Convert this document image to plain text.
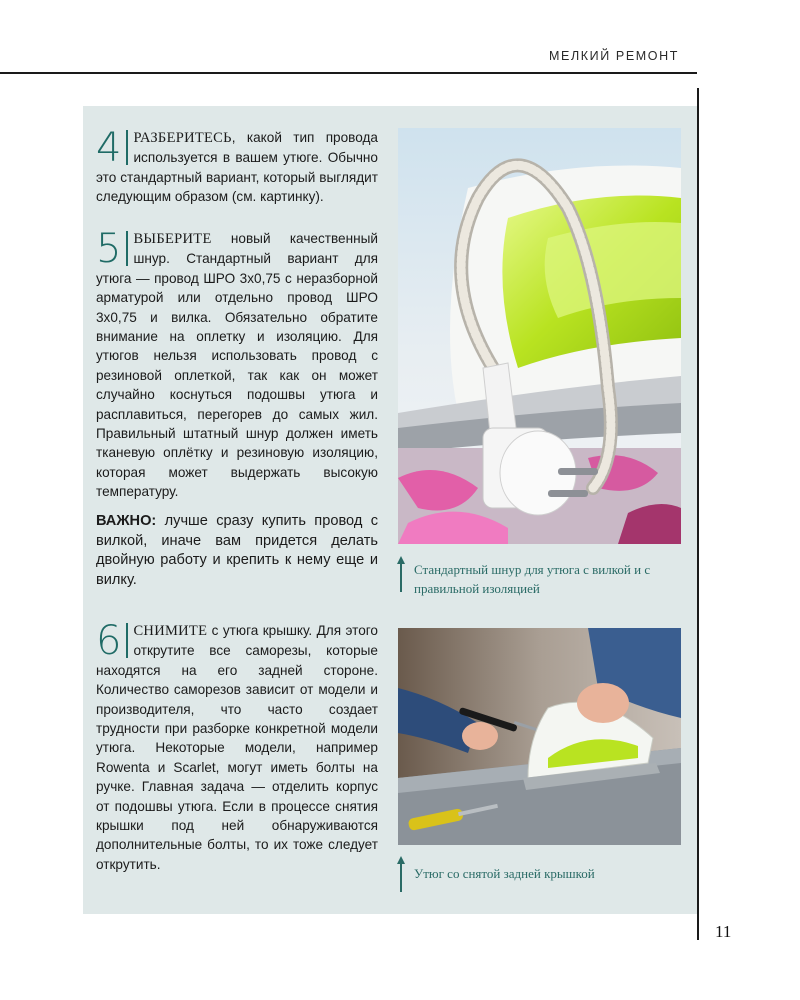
МЕЛКИЙ РЕМОНТ
4 РАЗБЕРИТЕСЬ, какой тип провода используется в вашем утюге. Обычно это стандартный вариант, который выглядит следующим образом (см. картинку).
5 ВЫБЕРИТЕ новый качественный шнур. Стандартный вариант для утюга — провод ШРО 3х0,75 с неразборной арматурой или отдельно провод ШРО 3х0,75 и вилка. Обязательно обратите внимание на оплетку и изоляцию. Для утюгов нельзя использовать провод с резиновой оплеткой, так как он может случайно коснуться подошвы утюга и расплавиться, перегорев до самых жил. Правильный штатный шнур должен иметь тканевую оплётку и резиновую изоляцию, которая может выдержать высокую температуру.
ВАЖНО: лучше сразу купить провод с вилкой, иначе вам придется делать двойную работу и крепить к нему еще и вилку.
6 СНИМИТЕ с утюга крышку. Для этого открутите все саморезы, которые находятся на его задней стороне. Количество саморезов зависит от модели и производителя, что часто создает трудности при разборке конкретной модели утюга. Некоторые модели, например Rowenta и Scarlet, могут иметь болты на ручке. Главная задача — отделить корпус от подошвы утюга. Если в процессе снятия крышки под ней обнаруживаются дополнительные болты, то их тоже следует открутить.
Стандартный шнур для утюга с вилкой и с правильной изоляцией
Утюг со снятой задней крышкой
11
